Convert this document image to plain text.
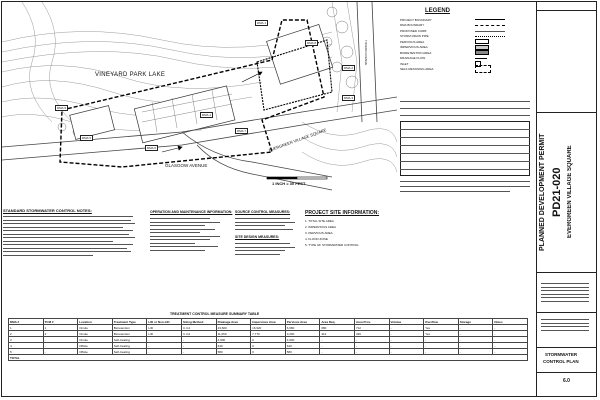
VINEYARD PARK LAKE
GLASGOW AVENUE
TUXEDO AVENUE
EVERGREEN VILLAGE SQUARE
1 INCH = 30 FEET
DMA 1
DMA 2
DMA 3
DMA 4
DMA 5
DMA 6
DMA 7
DMA 8
DMA 9
LEGEND
PROJECT BOUNDARY
DMA BOUNDARY
PROPOSED CURB
STORM DRAIN PIPE
PERVIOUS AREA
IMPERVIOUS AREA
BIORETENTION AREA
DRAINAGE FLOW
INLET
SELF-RETAINING AREA
STANDARD STORMWATER CONTROL NOTES:	OPERATION AND MAINTENANCE INFORMATION: SOURCE CONTROL MEASURES:
SITE DESIGN MEASURES:
PROJECT SITE INFORMATION:
1. TOTAL SITE AREA
2. IMPERVIOUS AREA
3. PERVIOUS AREA
4. FLOOD ZONE
5. TYPE OF STORMWATER CONTROL
TREATMENT CONTROL MEASURE SUMMARY TABLE
DMA #	TCM #	Location	Treatment Type	LID or Non-LID	Sizing Method	Drainage Area	Impervious Area	Pervious Area	Area Req.	Area Prov.	Volume	Overflow	Storage	Notes
1	1	Onsite	Bioretention	LID	C.3.d	23,600	16,920	6,680	680	712	-	Yes	-	-
2	2	Onsite	Bioretention	LID	C.3.d	11,060	7,770	3,290	312	326	-	Yes	-	-
3	-	Onsite	Self-treating	-	-	4,900	0	4,900	-	-	-	-	-	-
4	-	Offsite	Self-treating	-	-	640	0	640	-	-	-	-	-	-
5	-	Offsite	Self-treating	-	-	580	0	580	-	-	-	-	-	-
TOTAL														
PLANNED DEVELOPMENT PERMIT PD21-020 EVERGREEN VILLAGE SQUARE
STORMWATER
CONTROL PLAN
6.0
